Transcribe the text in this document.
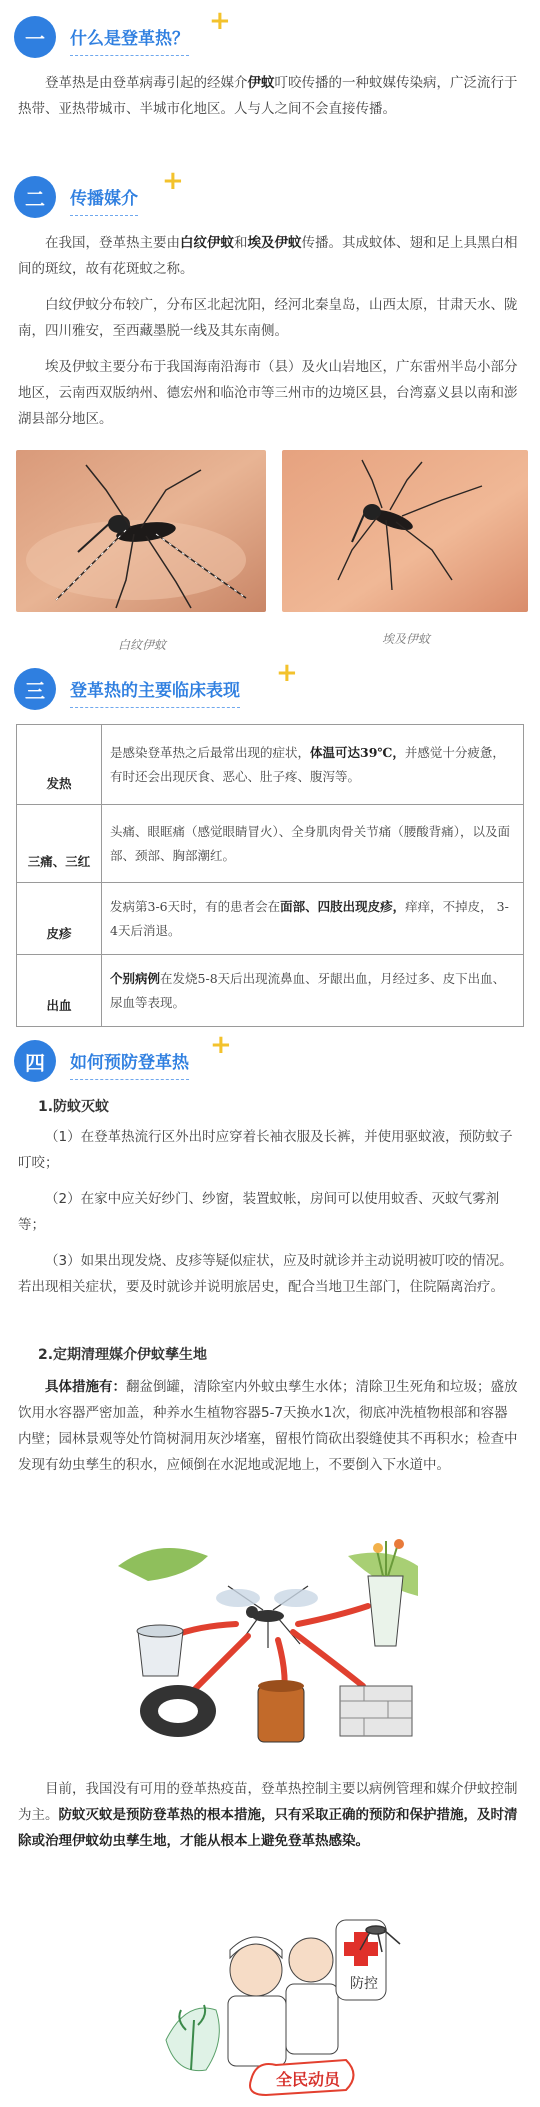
一	什么是登革热？
+

登革热是由登革病毒引起的经媒介伊蚊叮咬传播的一种蚊媒传染病，广泛流行于热带、亚热带城市、半城市化地区。人与人之间不会直接传播。

二	传播媒介
+

在我国，登革热主要由白纹伊蚊和埃及伊蚊传播。其成蚊体、翅和足上具黑白相间的斑纹，故有花斑蚊之称。

白纹伊蚊分布较广，分布区北起沈阳，经河北秦皇岛，山西太原，甘肃天水、陇南，四川雅安，至西藏墨脱一线及其东南侧。

埃及伊蚊主要分布于我国海南沿海市（县）及火山岩地区，广东雷州半岛小部分地区，云南西双版纳州、德宏州和临沧市等三州市的边境区县，台湾嘉义县以南和澎湖县部分地区。

白纹伊蚊	埃及伊蚊
三	登革热的主要临床表现
+
发热	是感染登革热之后最常出现的症状，体温可达39℃，并感觉十分疲惫，有时还会出现厌食、恶心、肚子疼、腹泻等。
三痛、三红	头痛、眼眶痛（感觉眼睛冒火）、全身肌肉骨关节痛（腰酸背痛），以及面部、颈部、胸部潮红。
皮疹	发病第3-6天时，有的患者会在面部、四肢出现皮疹，痒痒，不掉皮， 3-4天后消退。
出血	个别病例在发烧5-8天后出现流鼻血、牙龈出血，月经过多、皮下出血、尿血等表现。
四	如何预防登革热
+
1.防蚊灭蚊

（1）在登革热流行区外出时应穿着长袖衣服及长裤，并使用驱蚊液，预防蚊子叮咬；

（2）在家中应关好纱门、纱窗，装置蚊帐，房间可以使用蚊香、灭蚊气雾剂等；

（3）如果出现发烧、皮疹等疑似症状，应及时就诊并主动说明被叮咬的情况。若出现相关症状，要及时就诊并说明旅居史，配合当地卫生部门，住院隔离治疗。

2.定期清理媒介伊蚊孳生地

具体措施有：翻盆倒罐，清除室内外蚊虫孳生水体；清除卫生死角和垃圾；盛放饮用水容器严密加盖，种养水生植物容器5-7天换水1次，彻底冲洗植物根部和容器内壁；园林景观等处竹筒树洞用灰沙堵塞，留根竹筒砍出裂缝使其不再积水；检查中发现有幼虫孳生的积水，应倾倒在水泥地或泥地上，不要倒入下水道中。

目前，我国没有可用的登革热疫苗，登革热控制主要以病例管理和媒介伊蚊控制为主。防蚊灭蚊是预防登革热的根本措施，只有采取正确的预防和保护措施，及时清除或治理伊蚊幼虫孳生地，才能从根本上避免登革热感染。

防控
全民动员
